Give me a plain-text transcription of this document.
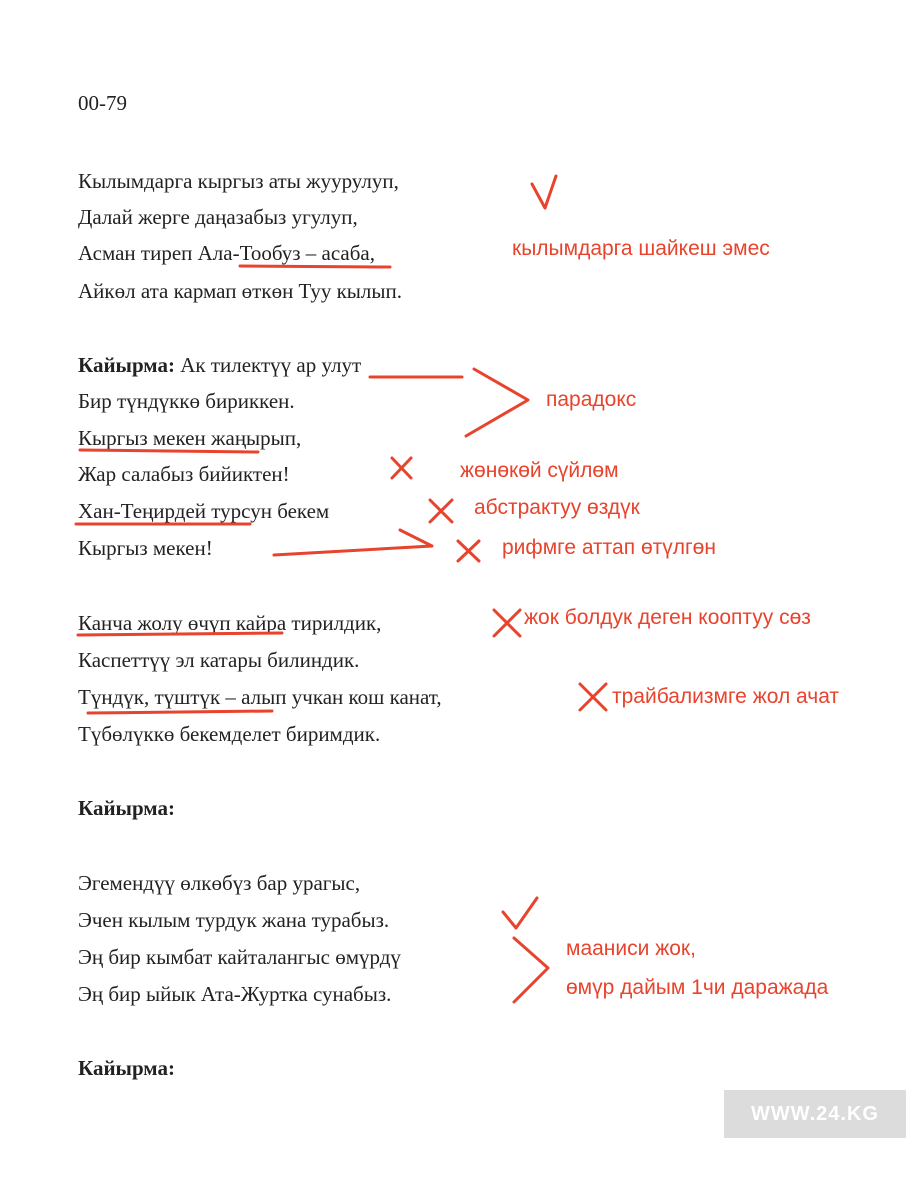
00-79
Кылымдарга кыргыз аты жуурулуп,
Далай жерге даңазабыз угулуп,
Асман тиреп Ала-Тообуз – асаба,
Айкөл ата кармап өткөн Туу кылып.
Кайырма: Ак тилектүү ар улут
Бир түндүккө бириккен.
Кыргыз мекен жаңырып,
Жар салабыз бийиктен!
Хан-Теңирдей турсун бекем
Кыргыз мекен!
Канча жолу өчүп кайра тирилдик,
Каспеттүү эл катары билиндик.
Түндүк, түштүк – алып учкан кош канат,
Түбөлүккө бекемделет биримдик.
Кайырма:
Эгемендүү өлкөбүз бар урагыс,
Эчен кылым турдук жана турабыз.
Эң бир кымбат кайталангыс өмүрдү
Эң бир ыйык Ата-Журтка сунабыз.
Кайырма:
кылымдарга шайкеш эмес
парадокс
жөнөкөй сүйлөм
абстрактуу өздүк
рифмге аттап өтүлгөн
жок болдук деген кооптуу сөз
трайбализмге жол ачат
мааниси жок,
өмүр дайым 1чи даражада
WWW.24.KG
